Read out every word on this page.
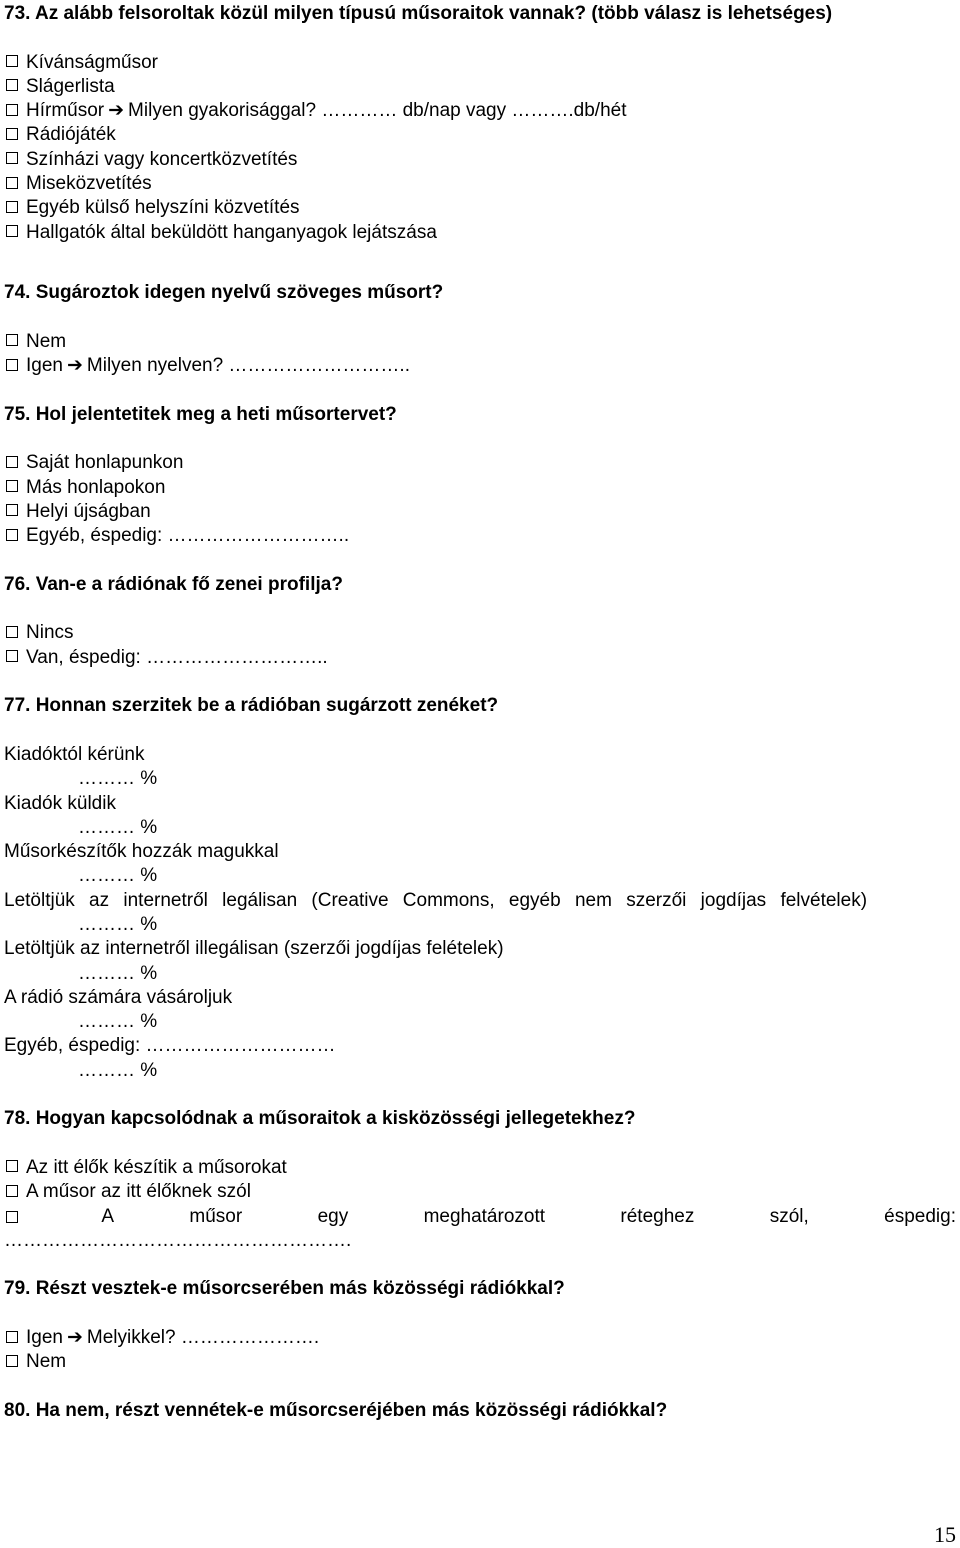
73. Az alább felsoroltak közül milyen típusú műsoraitok vannak? (több válasz is lehetséges)
Kívánságműsor
Slágerlista
Hírműsor ➔ Milyen gyakorisággal? ………… db/nap vagy ……….db/hét
Rádiójáték
Színházi vagy koncertközvetítés
Miseközvetítés
Egyéb külső helyszíni közvetítés
Hallgatók által beküldött hanganyagok lejátszása
74. Sugároztok idegen nyelvű szöveges műsort?
Nem
Igen ➔ Milyen nyelven? ………………………..
75. Hol jelentetitek meg a heti műsortervet?
Saját honlapunkon
Más honlapokon
Helyi újságban
Egyéb, éspedig: ………………………..
76. Van-e a rádiónak fő zenei profilja?
Nincs
Van, éspedig: ………………………..
77. Honnan szerzitek be a rádióban sugárzott zenéket?
Kiadóktól kérünk
……… %
Kiadók küldik
……… %
Műsorkészítők hozzák magukkal
……… %
Letöltjük az internetről legálisan (Creative Commons, egyéb nem szerzői jogdíjas felvételek)
……… %
Letöltjük az internetről illegálisan (szerzői jogdíjas felételek)
……… %
A rádió számára vásároljuk
……… %
Egyéb, éspedig: …………………………
……… %
78. Hogyan kapcsolódnak a műsoraitok a kisközösségi jellegetekhez?
Az itt élők készítik a műsorokat
A műsor az itt élőknek szól
A	műsor	egy	meghatározott	réteghez	szól,	éspedig:
……………………………………………….
79. Részt vesztek-e műsorcserében más közösségi rádiókkal?
Igen ➔ Melyikkel? ………………….
Nem
80. Ha nem, részt vennétek-e műsorcseréjében más közösségi rádiókkal?
15
